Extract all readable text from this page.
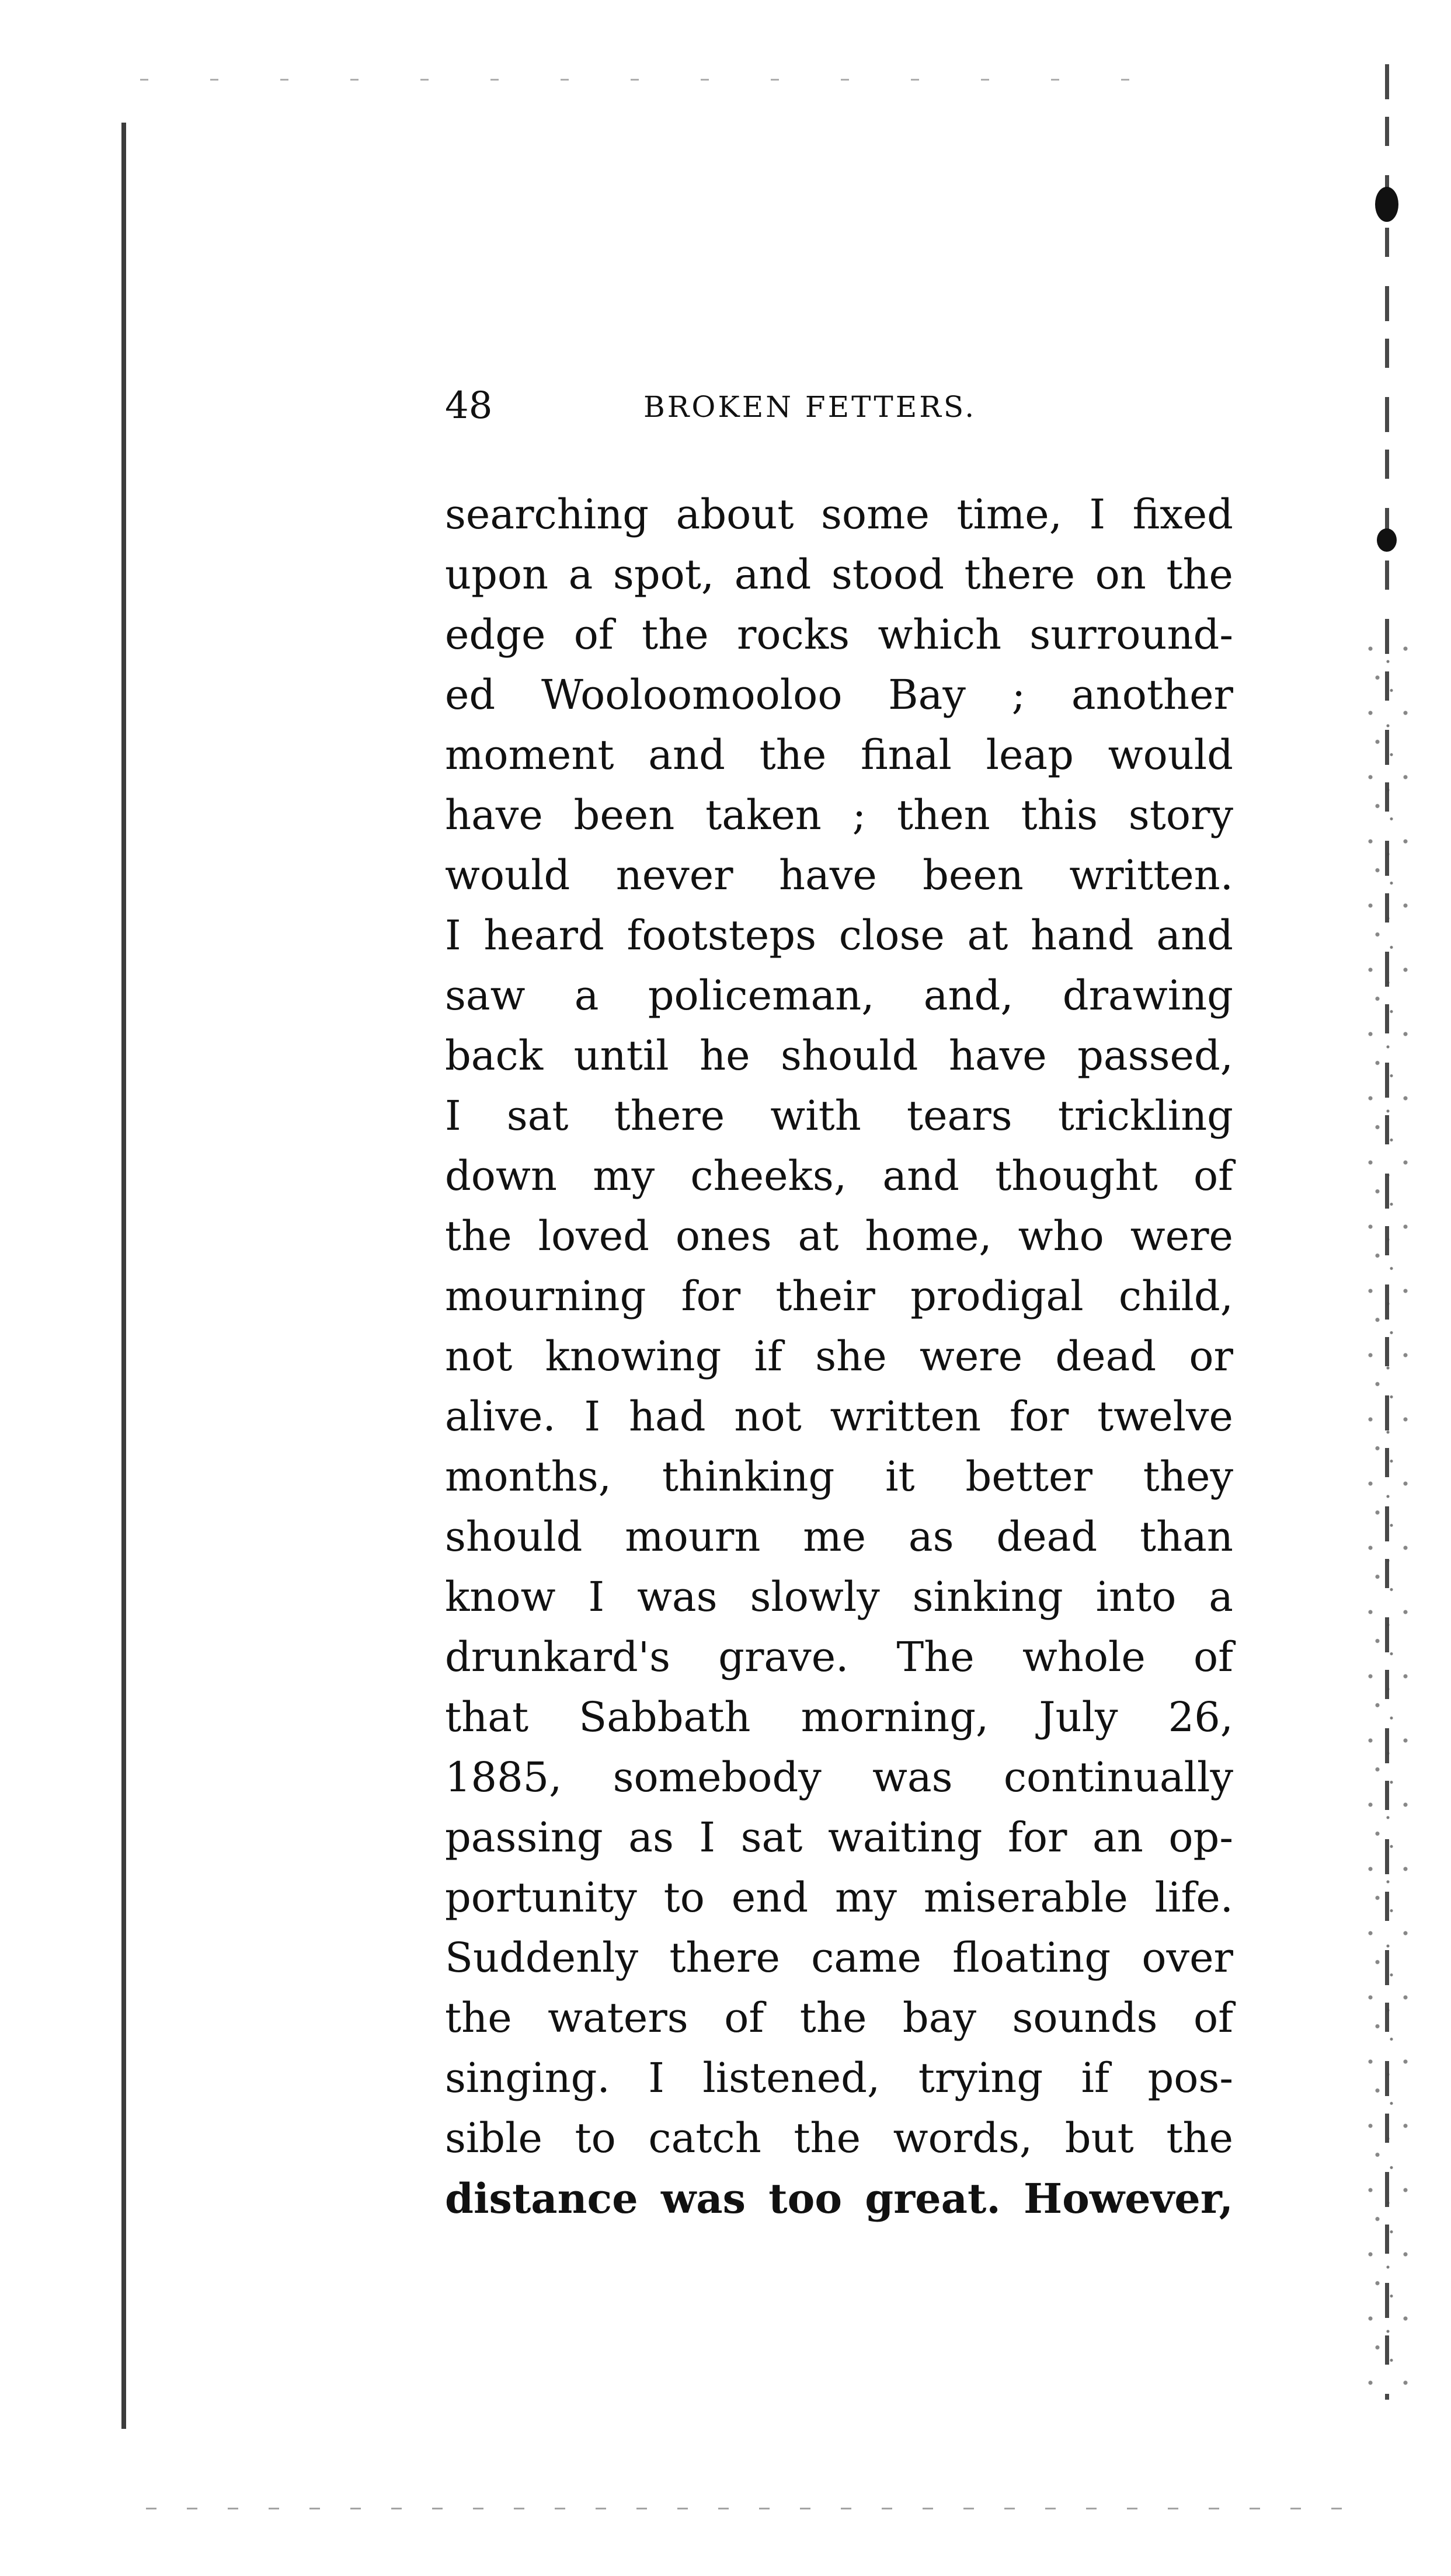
48	BROKEN FETTERS.
searching about some time, I fixed
upon a spot, and stood there on the
edge of the rocks which surround-
ed Wooloomooloo Bay ; another
moment and the final leap would
have been taken ; then this story
would never have been written.
I heard footsteps close at hand and
saw a policeman, and, drawing
back until he should have passed,
I sat there with tears trickling
down my cheeks, and thought of
the loved ones at home, who were
mourning for their prodigal child,
not knowing if she were dead or
alive. I had not written for twelve
months, thinking it better they
should mourn me as dead than
know I was slowly sinking into a
drunkard's grave. The whole of
that Sabbath morning, July 26,
1885, somebody was continually
passing as I sat waiting for an op-
portunity to end my miserable life.
Suddenly there came floating over
the waters of the bay sounds of
singing. I listened, trying if pos-
sible to catch the words, but the
distance was too great. However,
